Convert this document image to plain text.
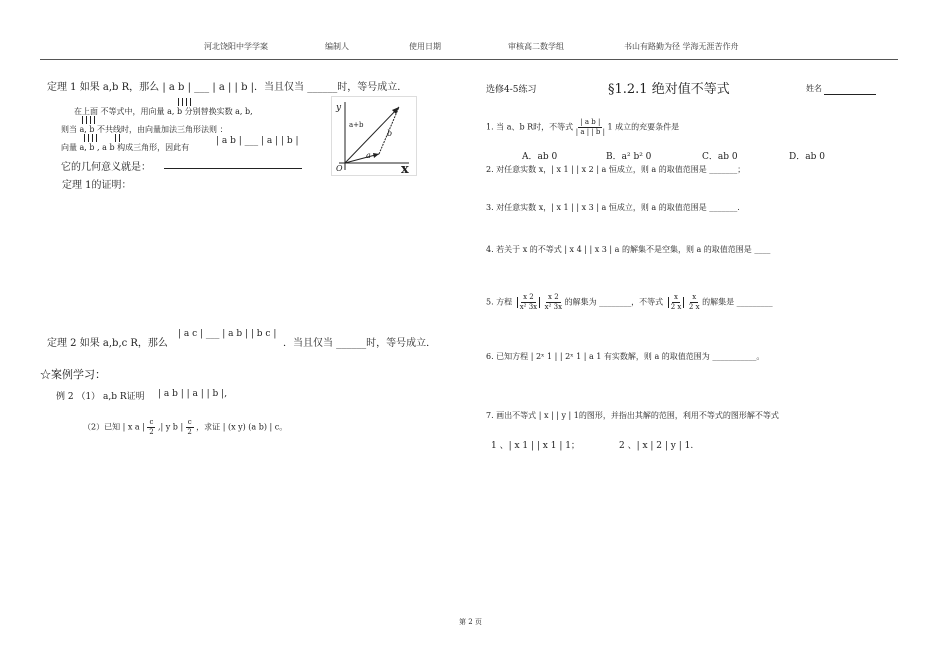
河北饶阳中学学案	编制人	使用日期	审核高二数学组	书山有路勤为径 学海无涯苦作舟
定理 1 如果 a,b R，那么 | a b | ___ | a | | b |．当且仅当 ______时，等号成立．
在上面 不等式中，用向量 a, b 分别替换实数 a, b,
则当 a, b 不共线时，由向量加法三角形法则 ：
向量 a, b , a b 构成三角形，因此有
| a b | ___ | a | | b |
它的几何意义就是：
定理 1的证明：
y
x
O
a+b
b
a
定理 2 如果 a,b,c R，那么
| a c | ___ | a b | | b c |
．当且仅当 ______时，等号成立．
☆案例学习：
例 2 （1） a,b R证明 | a b | | a | | b |,
（2）已知 | x a | $\frac{c}{2}$ ,| y b | $\frac{c}{2}$ ，求证 | (x y) (a b) | c。
选修4-5练习	§1.2.1 绝对值不等式	姓名
1. 当 a、b R时，不等式 $\frac{\text{| a b |}}{| a | | b |} 1$ 成立的充要条件是
A．ab 0	B．a² b² 0	C．ab 0	D．ab 0
2. 对任意实数 x，| x 1 | | x 2 | a 恒成立，则 a 的取值范围是 _______；
3. 对任意实数 x，| x 1 | | x 3 | a 恒成立，则 a 的取值范围是 _______.
4. 若关于 x 的不等式 | x 4 | | x 3 | a 的解集不是空集，则 a 的取值范围是 ____
5. 方程 $\frac{x 2}{\text{x² 3x}}$
$\frac{x 2}{\text{x² 3x}}$ 的解集为 ________，不等式 $\frac{x}{2 x}$
$\frac{x}{2 x}$ 的解集是 _________
6. 已知方程 | 2ˣ 1 | | 2ˣ 1 | a 1 有实数解，则 a 的取值范围为 ___________。
7. 画出不等式 | x | | y | 1的图形，并指出其解的范围，利用不等式的图形解不等式
1 、| x 1 | | x 1 | 1；	2 、| x | 2 | y | 1.
第 2 页
